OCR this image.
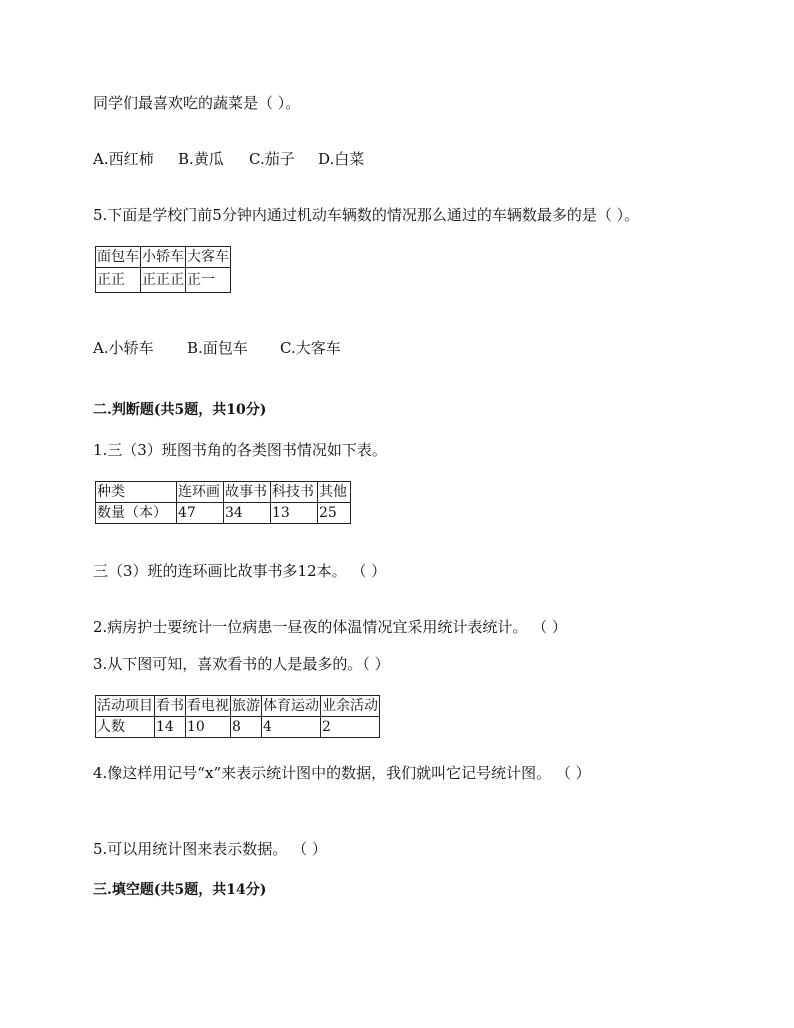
同学们最喜欢吃的蔬菜是（ ）。
A.西红柿 B.黄瓜 C.茄子 D.白菜
5.下面是学校门前5分钟内通过机动车辆数的情况那么通过的车辆数最多的是（ ）。
面包车	小轿车	大客车
正正	正正正	正一
A.小轿车 B.面包车 C.大客车
二.判断题(共5题，共10分)
1.三（3）班图书角的各类图书情况如下表。
种类	连环画	故事书	科技书	其他
数量（本）	47	34	13	25
三（3）班的连环画比故事书多12本。 （ ）
2.病房护士要统计一位病患一昼夜的体温情况宜采用统计表统计。 （ ）
3.从下图可知，喜欢看书的人是最多的。（ ）
活动项目	看书	看电视	旅游	体育运动	业余活动
人数	14	10	8	4	2
4.像这样用记号“x”来表示统计图中的数据，我们就叫它记号统计图。 （ ）
5.可以用统计图来表示数据。 （ ）
三.填空题(共5题，共14分)
